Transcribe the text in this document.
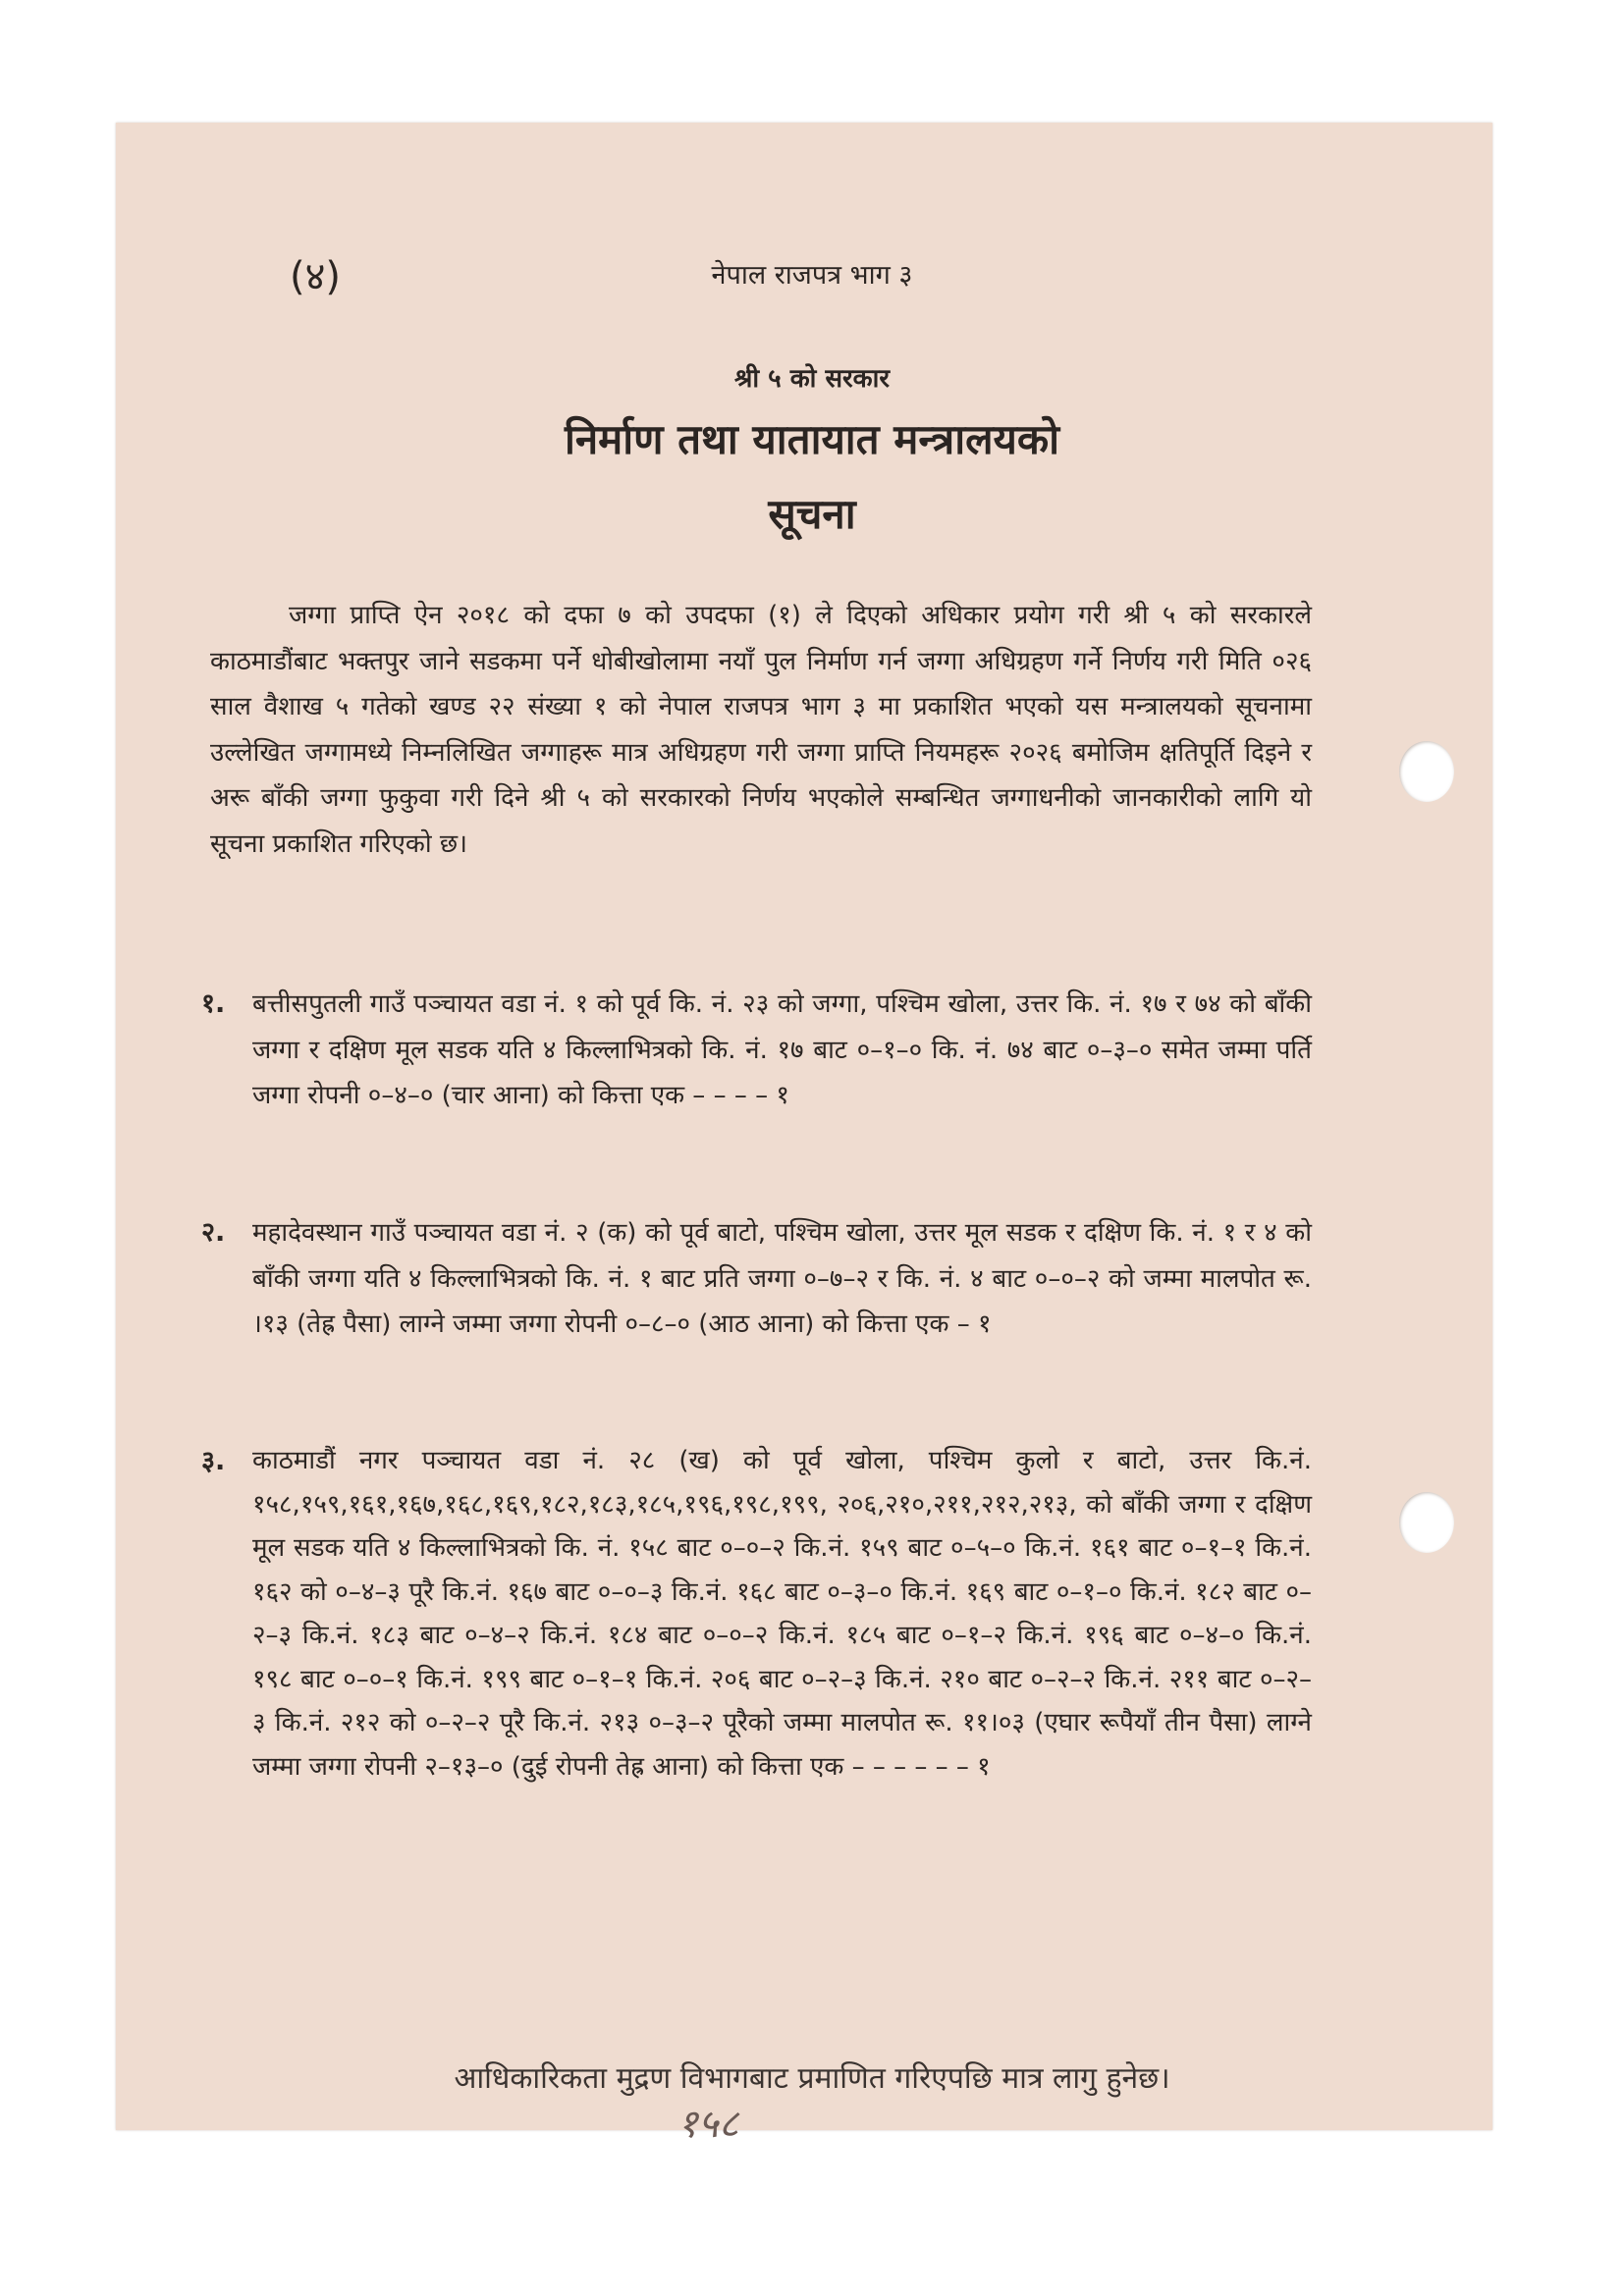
(४)	नेपाल राजपत्र भाग ३
श्री ५ को सरकार
निर्माण तथा यातायात मन्त्रालयको
सूचना
जग्गा प्राप्ति ऐन २०१८ को दफा ७ को उपदफा (१) ले दिएको अधिकार प्रयोग गरी श्री ५ को सरकारले काठमाडौंबाट भक्तपुर जाने सडकमा पर्ने धोबीखोलामा नयाँ पुल निर्माण गर्न जग्गा अधिग्रहण गर्ने निर्णय गरी मिति ०२६ साल वैशाख ५ गतेको खण्ड २२ संख्या १ को नेपाल राजपत्र भाग ३ मा प्रकाशित भएको यस मन्त्रालयको सूचनामा उल्लेखित जग्गामध्ये निम्नलिखित जग्गाहरू मात्र अधिग्रहण गरी जग्गा प्राप्ति नियमहरू २०२६ बमोजिम क्षतिपूर्ति दिइने र अरू बाँकी जग्गा फुकुवा गरी दिने श्री ५ को सरकारको निर्णय भएकोले सम्बन्धित जग्गाधनीको जानकारीको लागि यो सूचना प्रकाशित गरिएको छ।
१.	बत्तीसपुतली गाउँ पञ्चायत वडा नं. १ को पूर्व कि. नं. २३ को जग्गा, पश्चिम खोला, उत्तर कि. नं. १७ र ७४ को बाँकी जग्गा र दक्षिण मूल सडक यति ४ किल्लाभित्रको कि. नं. १७ बाट ०–१–० कि. नं. ७४ बाट ०–३–० समेत जम्मा पर्ति जग्गा रोपनी ०–४–० (चार आना) को कित्ता एक – – – – १
२.	महादेवस्थान गाउँ पञ्चायत वडा नं. २ (क) को पूर्व बाटो, पश्चिम खोला, उत्तर मूल सडक र दक्षिण कि. नं. १ र ४ को बाँकी जग्गा यति ४ किल्लाभित्रको कि. नं. १ बाट प्रति जग्गा ०–७–२ र कि. नं. ४ बाट ०–०–२ को जम्मा मालपोत रू. ।१३ (तेह्र पैसा) लाग्ने जम्मा जग्गा रोपनी ०–८–० (आठ आना) को कित्ता एक – १
३.	काठमाडौं नगर पञ्चायत वडा नं. २८ (ख) को पूर्व खोला, पश्चिम कुलो र बाटो, उत्तर कि.नं. १५८,१५९,१६१,१६७,१६८,१६९,१८२,१८३,१८५,१९६,१९८,१९९, २०६,२१०,२११,२१२,२१३, को बाँकी जग्गा र दक्षिण मूल सडक यति ४ किल्लाभित्रको कि. नं. १५८ बाट ०–०–२ कि.नं. १५९ बाट ०–५–० कि.नं. १६१ बाट ०–१–१ कि.नं. १६२ को ०–४–३ पूरै कि.नं. १६७ बाट ०–०–३ कि.नं. १६८ बाट ०–३–० कि.नं. १६९ बाट ०–१–० कि.नं. १८२ बाट ०–२–३ कि.नं. १८३ बाट ०–४–२ कि.नं. १८४ बाट ०–०–२ कि.नं. १८५ बाट ०–१–२ कि.नं. १९६ बाट ०–४–० कि.नं. १९८ बाट ०–०–१ कि.नं. १९९ बाट ०–१–१ कि.नं. २०६ बाट ०–२–३ कि.नं. २१० बाट ०–२–२ कि.नं. २११ बाट ०–२–३ कि.नं. २१२ को ०–२–२ पूरै कि.नं. २१३ ०–३–२ पूरैको जम्मा मालपोत रू. ११।०३ (एघार रूपैयाँ तीन पैसा) लाग्ने जम्मा जग्गा रोपनी २–१३–० (दुई रोपनी तेह्र आना) को कित्ता एक – – – – – – १
आधिकारिकता मुद्रण विभागबाट प्रमाणित गरिएपछि मात्र लागु हुनेछ।
१५८
